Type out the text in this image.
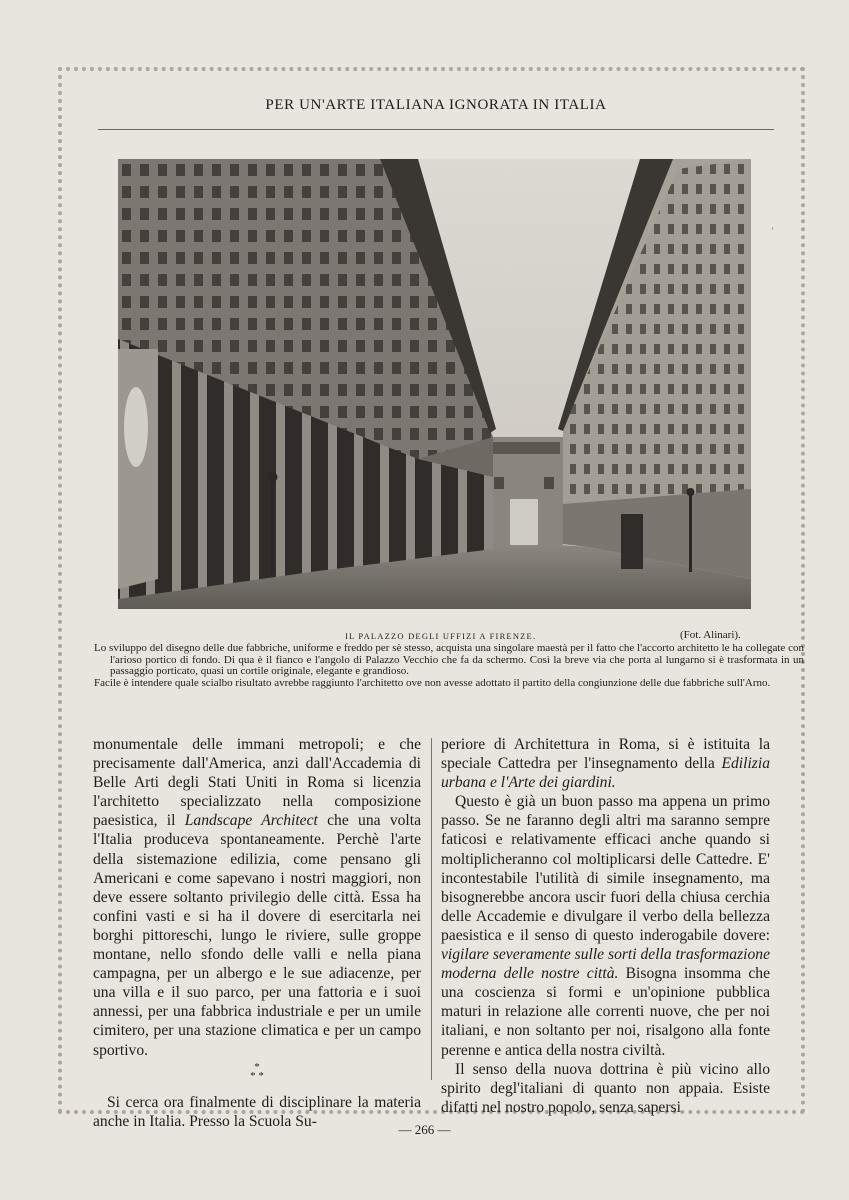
PER UN'ARTE ITALIANA IGNORATA IN ITALIA
'
IL PALAZZO DEGLI UFFIZI A FIRENZE.	(Fot. Alinari).

Lo sviluppo del disegno delle due fabbriche, uniforme e freddo per sè stesso, acquista una singolare maestà per il fatto che l'accorto architetto le ha collegate con l'arioso portico di fondo. Di qua è il fianco e l'angolo di Palazzo Vecchio che fa da schermo. Così la breve via che porta al lungarno si è trasformata in un passaggio porticato, quasi un cortile originale, elegante e grandioso.

Facile è intendere quale scialbo risultato avrebbe raggiunto l'architetto ove non avesse adottato il partito della congiunzione delle due fabbriche sull'Arno.

monumentale delle immani metropoli; e che precisamente dall'America, anzi dall'Accademia di Belle Arti degli Stati Uniti in Roma si licenzia l'architetto specializzato nella composizione paesistica, il Landscape Architect che una volta l'Italia produceva spontaneamente. Perchè l'arte della sistemazione edilizia, come pensano gli Americani e come sapevano i nostri maggiori, non deve essere soltanto privilegio delle città. Essa ha confini vasti e si ha il dovere di esercitarla nei borghi pittoreschi, lungo le riviere, sulle groppe montane, nello sfondo delle valli e nella piana campagna, per un albergo e le sue adiacenze, per una villa e il suo parco, per una fattoria e i suoi annessi, per una fabbrica industriale e per un umile cimitero, per una stazione climatica e per un campo sportivo.

*
* *

Si cerca ora finalmente di disciplinare la materia anche in Italia. Presso la Scuola Su-

periore di Architettura in Roma, si è istituita la speciale Cattedra per l'insegnamento della Edilizia urbana e l'Arte dei giardini.

Questo è già un buon passo ma appena un primo passo. Se ne faranno degli altri ma saranno sempre faticosi e relativamente efficaci anche quando si moltiplicheranno col moltiplicarsi delle Cattedre. E' incontestabile l'utilità di simile insegnamento, ma bisognerebbe ancora uscir fuori della chiusa cerchia delle Accademie e divulgare il verbo della bellezza paesistica e il senso di questo inderogabile dovere: vigilare severamente sulle sorti della trasformazione moderna delle nostre città. Bisogna insomma che una coscienza si formi e un'opinione pubblica maturi in relazione alle correnti nuove, che per noi italiani, e non soltanto per noi, risalgono alla fonte perenne e antica della nostra civiltà.

Il senso della nuova dottrina è più vicino allo spirito degl'italiani di quanto non appaia. Esiste difatti nel nostro popolo, senza sapersi

— 266 —
